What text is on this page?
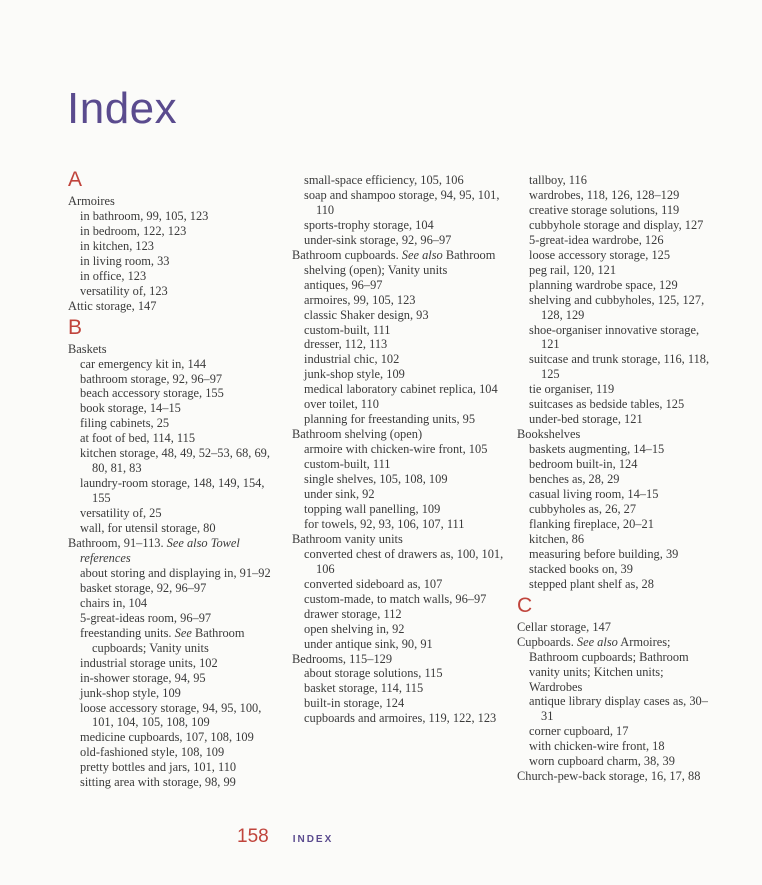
Index
A
Armoires
in bathroom, 99, 105, 123
in bedroom, 122, 123
in kitchen, 123
in living room, 33
in office, 123
versatility of, 123
Attic storage, 147
B
Baskets
car emergency kit in, 144
bathroom storage, 92, 96–97
beach accessory storage, 155
book storage, 14–15
filing cabinets, 25
at foot of bed, 114, 115
kitchen storage, 48, 49, 52–53, 68, 69, 80, 81, 83
laundry-room storage, 148, 149, 154, 155
versatility of, 25
wall, for utensil storage, 80
Bathroom, 91–113. See also Towel references
about storing and displaying in, 91–92
basket storage, 92, 96–97
chairs in, 104
5-great-ideas room, 96–97
freestanding units. See Bathroom cupboards; Vanity units
industrial storage units, 102
in-shower storage, 94, 95
junk-shop style, 109
loose accessory storage, 94, 95, 100, 101, 104, 105, 108, 109
medicine cupboards, 107, 108, 109
old-fashioned style, 108, 109
pretty bottles and jars, 101, 110
sitting area with storage, 98, 99
small-space efficiency, 105, 106
soap and shampoo storage, 94, 95, 101, 110
sports-trophy storage, 104
under-sink storage, 92, 96–97
Bathroom cupboards. See also Bathroom shelving (open); Vanity units
antiques, 96–97
armoires, 99, 105, 123
classic Shaker design, 93
custom-built, 111
dresser, 112, 113
industrial chic, 102
junk-shop style, 109
medical laboratory cabinet replica, 104
over toilet, 110
planning for freestanding units, 95
Bathroom shelving (open)
armoire with chicken-wire front, 105
custom-built, 111
single shelves, 105, 108, 109
under sink, 92
topping wall panelling, 109
for towels, 92, 93, 106, 107, 111
Bathroom vanity units
converted chest of drawers as, 100, 101, 106
converted sideboard as, 107
custom-made, to match walls, 96–97
drawer storage, 112
open shelving in, 92
under antique sink, 90, 91
Bedrooms, 115–129
about storage solutions, 115
basket storage, 114, 115
built-in storage, 124
cupboards and armoires, 119, 122, 123
tallboy, 116
wardrobes, 118, 126, 128–129
creative storage solutions, 119
cubbyhole storage and display, 127
5-great-idea wardrobe, 126
loose accessory storage, 125
peg rail, 120, 121
planning wardrobe space, 129
shelving and cubbyholes, 125, 127, 128, 129
shoe-organiser innovative storage, 121
suitcase and trunk storage, 116, 118, 125
tie organiser, 119
suitcases as bedside tables, 125
under-bed storage, 121
Bookshelves
baskets augmenting, 14–15
bedroom built-in, 124
benches as, 28, 29
casual living room, 14–15
cubbyholes as, 26, 27
flanking fireplace, 20–21
kitchen, 86
measuring before building, 39
stacked books on, 39
stepped plant shelf as, 28
C
Cellar storage, 147
Cupboards. See also Armoires; Bathroom cupboards; Bathroom vanity units; Kitchen units; Wardrobes
antique library display cases as, 30–31
corner cupboard, 17
with chicken-wire front, 18
worn cupboard charm, 38, 39
Church-pew-back storage, 16, 17, 88
158 INDEX
